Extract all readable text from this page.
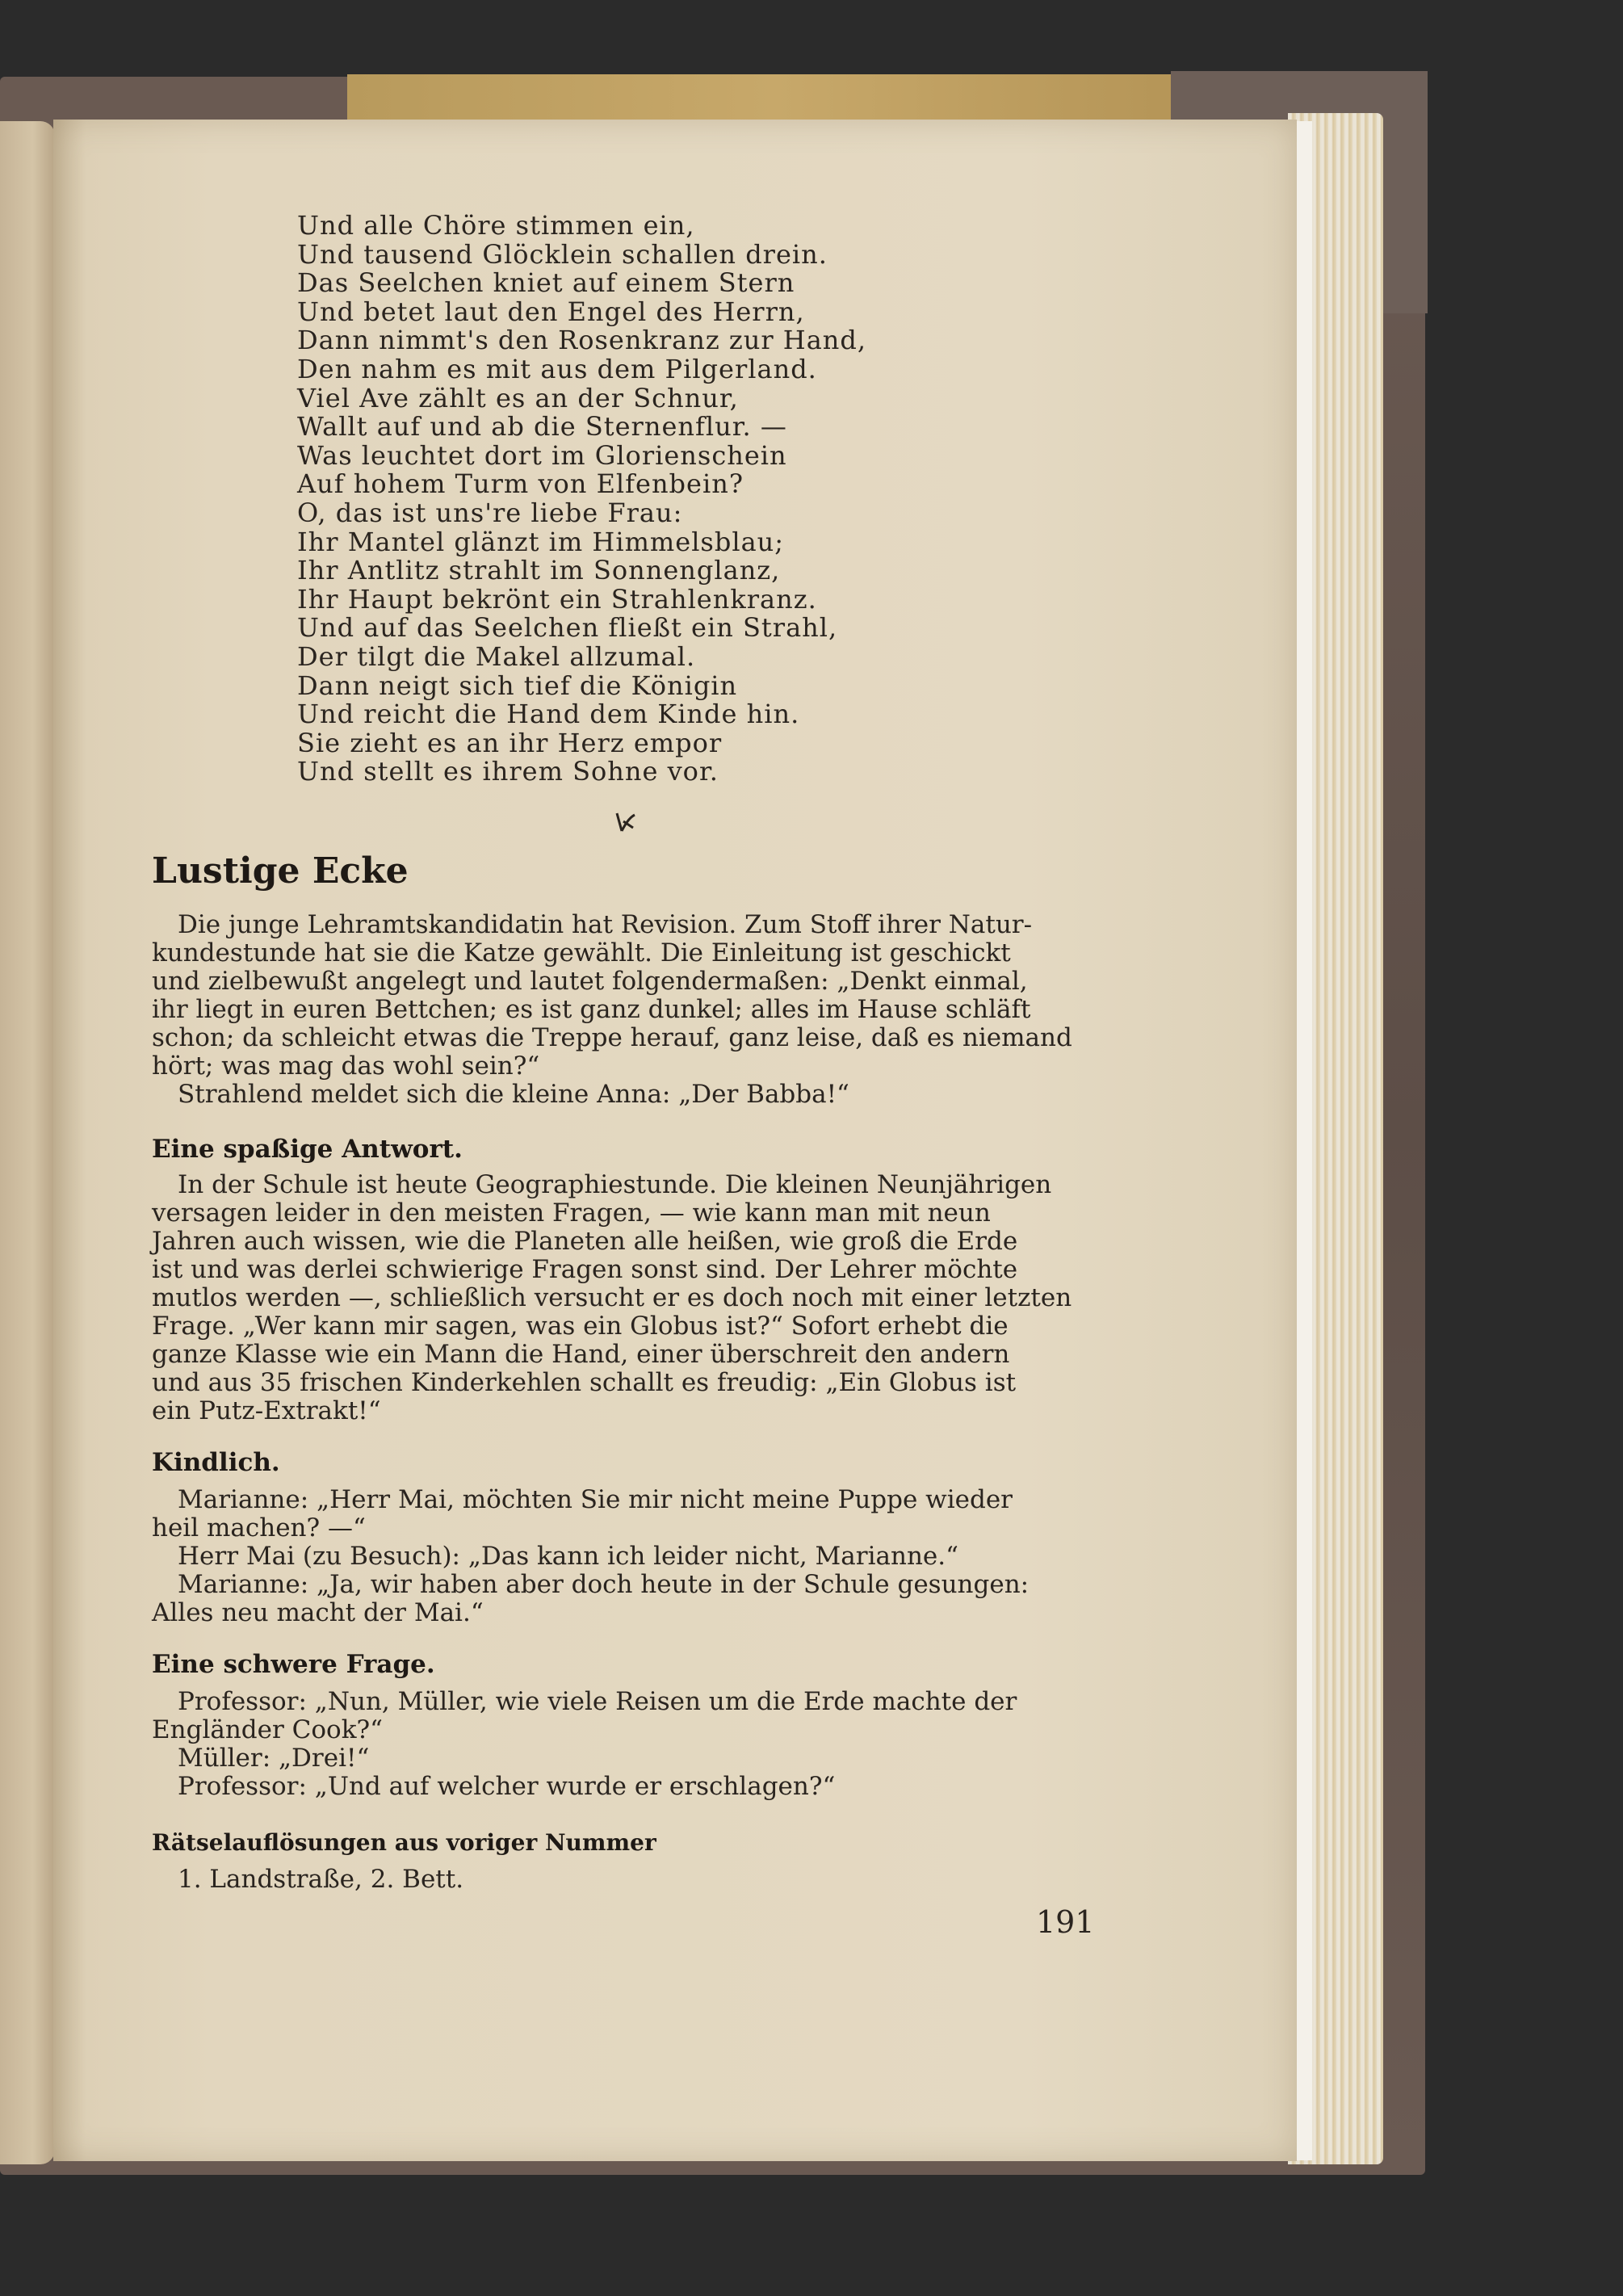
Und alle Chöre stimmen ein,
Und tausend Glöcklein schallen drein.
Das Seelchen kniet auf einem Stern
Und betet laut den Engel des Herrn,
Dann nimmt's den Rosenkranz zur Hand,
Den nahm es mit aus dem Pilgerland.
Viel Ave zählt es an der Schnur,
Wallt auf und ab die Sternenflur. —
Was leuchtet dort im Glorienschein
Auf hohem Turm von Elfenbein?
O, das ist uns're liebe Frau:
Ihr Mantel glänzt im Himmelsblau;
Ihr Antlitz strahlt im Sonnenglanz,
Ihr Haupt bekrönt ein Strahlenkranz.
Und auf das Seelchen fließt ein Strahl,
Der tilgt die Makel allzumal.
Dann neigt sich tief die Königin
Und reicht die Hand dem Kinde hin.
Sie zieht es an ihr Herz empor
Und stellt es ihrem Sohne vor.
Lustige Ecke

Die junge Lehramtskandidatin hat Revision. Zum Stoff ihrer Natur-

kundestunde hat sie die Katze gewählt. Die Einleitung ist geschickt

und zielbewußt angelegt und lautet folgendermaßen: „Denkt einmal,

ihr liegt in euren Bettchen; es ist ganz dunkel; alles im Hause schläft

schon; da schleicht etwas die Treppe herauf, ganz leise, daß es niemand

hört; was mag das wohl sein?“

Strahlend meldet sich die kleine Anna: „Der Babba!“

Eine spaßige Antwort.

In der Schule ist heute Geographiestunde. Die kleinen Neunjährigen

versagen leider in den meisten Fragen, — wie kann man mit neun

Jahren auch wissen, wie die Planeten alle heißen, wie groß die Erde

ist und was derlei schwierige Fragen sonst sind. Der Lehrer möchte

mutlos werden —, schließlich versucht er es doch noch mit einer letzten

Frage. „Wer kann mir sagen, was ein Globus ist?“ Sofort erhebt die

ganze Klasse wie ein Mann die Hand, einer überschreit den andern

und aus 35 frischen Kinderkehlen schallt es freudig: „Ein Globus ist

ein Putz-Extrakt!“

Kindlich.

Marianne: „Herr Mai, möchten Sie mir nicht meine Puppe wieder

heil machen? —“

Herr Mai (zu Besuch): „Das kann ich leider nicht, Marianne.“

Marianne: „Ja, wir haben aber doch heute in der Schule gesungen:

Alles neu macht der Mai.“

Eine schwere Frage.

Professor: „Nun, Müller, wie viele Reisen um die Erde machte der

Engländer Cook?“

Müller: „Drei!“

Professor: „Und auf welcher wurde er erschlagen?“

Rätselauflösungen aus voriger Nummer

1. Landstraße, 2. Bett.

191
